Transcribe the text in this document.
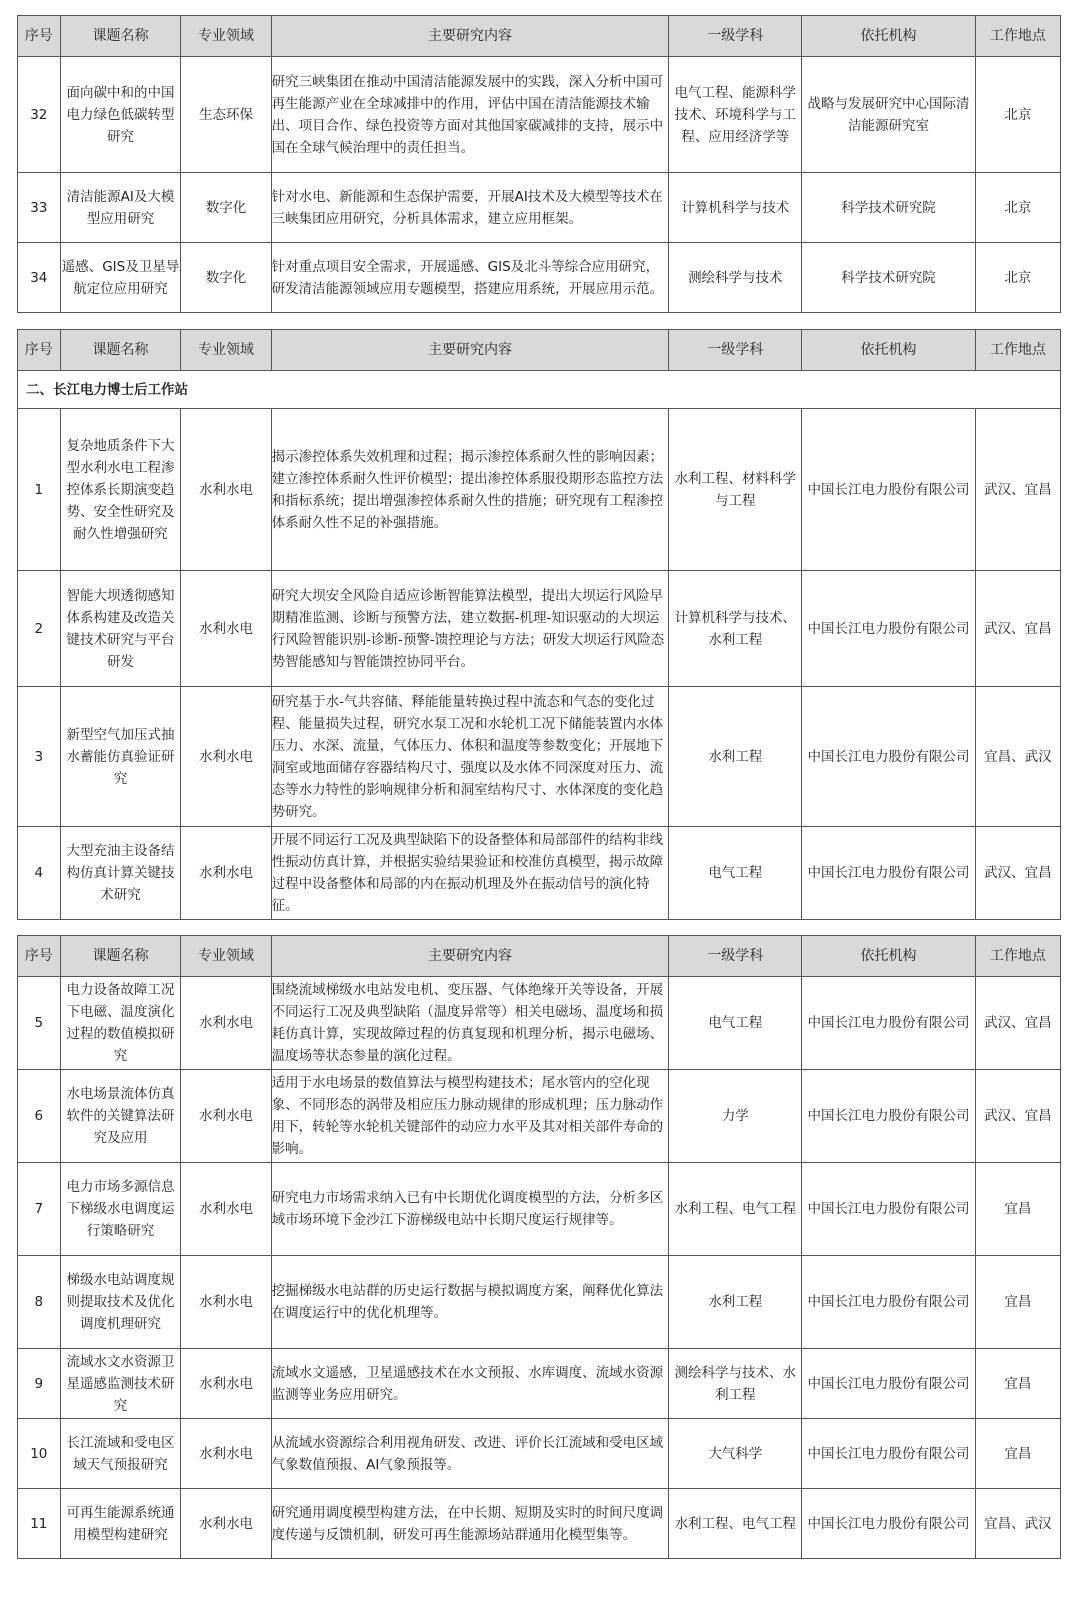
序号	课题名称	专业领域	主要研究内容	一级学科	依托机构	工作地点
32	面向碳中和的中国电力绿色低碳转型研究	生态环保	研究三峡集团在推动中国清洁能源发展中的实践，深入分析中国可再生能源产业在全球减排中的作用，评估中国在清洁能源技术输出、项目合作、绿色投资等方面对其他国家碳减排的支持，展示中国在全球气候治理中的责任担当。	电气工程、能源科学技术、环境科学与工程、应用经济学等	战略与发展研究中心国际清洁能源研究室	北京
33	清洁能源AI及大模型应用研究	数字化	针对水电、新能源和生态保护需要，开展AI技术及大模型等技术在三峡集团应用研究，分析具体需求，建立应用框架。	计算机科学与技术	科学技术研究院	北京
34	遥感、GIS及卫星导航定位应用研究	数字化	针对重点项目安全需求，开展遥感、GIS及北斗等综合应用研究，研发清洁能源领域应用专题模型，搭建应用系统，开展应用示范。	测绘科学与技术	科学技术研究院	北京
序号	课题名称	专业领域	主要研究内容	一级学科	依托机构	工作地点
二、长江电力博士后工作站						
1	复杂地质条件下大型水利水电工程渗控体系长期演变趋势、安全性研究及耐久性增强研究	水利水电	揭示渗控体系失效机理和过程；揭示渗控体系耐久性的影响因素；建立渗控体系耐久性评价模型；提出渗控体系服役期形态监控方法和指标系统；提出增强渗控体系耐久性的措施；研究现有工程渗控体系耐久性不足的补强措施。	水利工程、材料科学与工程	中国长江电力股份有限公司	武汉、宜昌
2	智能大坝透彻感知体系构建及改造关键技术研究与平台研发	水利水电	研究大坝安全风险自适应诊断智能算法模型，提出大坝运行风险早期精准监测、诊断与预警方法，建立数据-机理-知识驱动的大坝运行风险智能识别-诊断-预警-馈控理论与方法；研发大坝运行风险态势智能感知与智能馈控协同平台。	计算机科学与技术、水利工程	中国长江电力股份有限公司	武汉、宜昌
3	新型空气加压式抽水蓄能仿真验证研究	水利水电	研究基于水-气共容储、释能能量转换过程中流态和气态的变化过程、能量损失过程，研究水泵工况和水轮机工况下储能装置内水体压力、水深、流量，气体压力、体积和温度等参数变化；开展地下洞室或地面储存容器结构尺寸、强度以及水体不同深度对压力、流态等水力特性的影响规律分析和洞室结构尺寸、水体深度的变化趋势研究。	水利工程	中国长江电力股份有限公司	宜昌、武汉
4	大型充油主设备结构仿真计算关键技术研究	水利水电	开展不同运行工况及典型缺陷下的设备整体和局部部件的结构非线性振动仿真计算，并根据实验结果验证和校准仿真模型，揭示故障过程中设备整体和局部的内在振动机理及外在振动信号的演化特征。	电气工程	中国长江电力股份有限公司	武汉、宜昌
序号	课题名称	专业领域	主要研究内容	一级学科	依托机构	工作地点
5	电力设备故障工况下电磁、温度演化过程的数值模拟研究	水利水电	围绕流域梯级水电站发电机、变压器、气体绝缘开关等设备，开展不同运行工况及典型缺陷（温度异常等）相关电磁场、温度场和损耗仿真计算，实现故障过程的仿真复现和机理分析，揭示电磁场、温度场等状态参量的演化过程。	电气工程	中国长江电力股份有限公司	武汉、宜昌
6	水电场景流体仿真软件的关键算法研究及应用	水利水电	适用于水电场景的数值算法与模型构建技术；尾水管内的空化现象、不同形态的涡带及相应压力脉动规律的形成机理；压力脉动作用下，转轮等水轮机关键部件的动应力水平及其对相关部件寿命的影响。	力学	中国长江电力股份有限公司	武汉、宜昌
7	电力市场多源信息下梯级水电调度运行策略研究	水利水电	研究电力市场需求纳入已有中长期优化调度模型的方法，分析多区域市场环境下金沙江下游梯级电站中长期尺度运行规律等。	水利工程、电气工程	中国长江电力股份有限公司	宜昌
8	梯级水电站调度规则提取技术及优化调度机理研究	水利水电	挖掘梯级水电站群的历史运行数据与模拟调度方案，阐释优化算法在调度运行中的优化机理等。	水利工程	中国长江电力股份有限公司	宜昌
9	流域水文水资源卫星遥感监测技术研究	水利水电	流域水文遥感，卫星遥感技术在水文预报、水库调度、流域水资源监测等业务应用研究。	测绘科学与技术、水利工程	中国长江电力股份有限公司	宜昌
10	长江流域和受电区域天气预报研究	水利水电	从流域水资源综合利用视角研发、改进、评价长江流域和受电区域气象数值预报、AI气象预报等。	大气科学	中国长江电力股份有限公司	宜昌
11	可再生能源系统通用模型构建研究	水利水电	研究通用调度模型构建方法，在中长期、短期及实时的时间尺度调度传递与反馈机制，研发可再生能源场站群通用化模型集等。	水利工程、电气工程	中国长江电力股份有限公司	宜昌、武汉
